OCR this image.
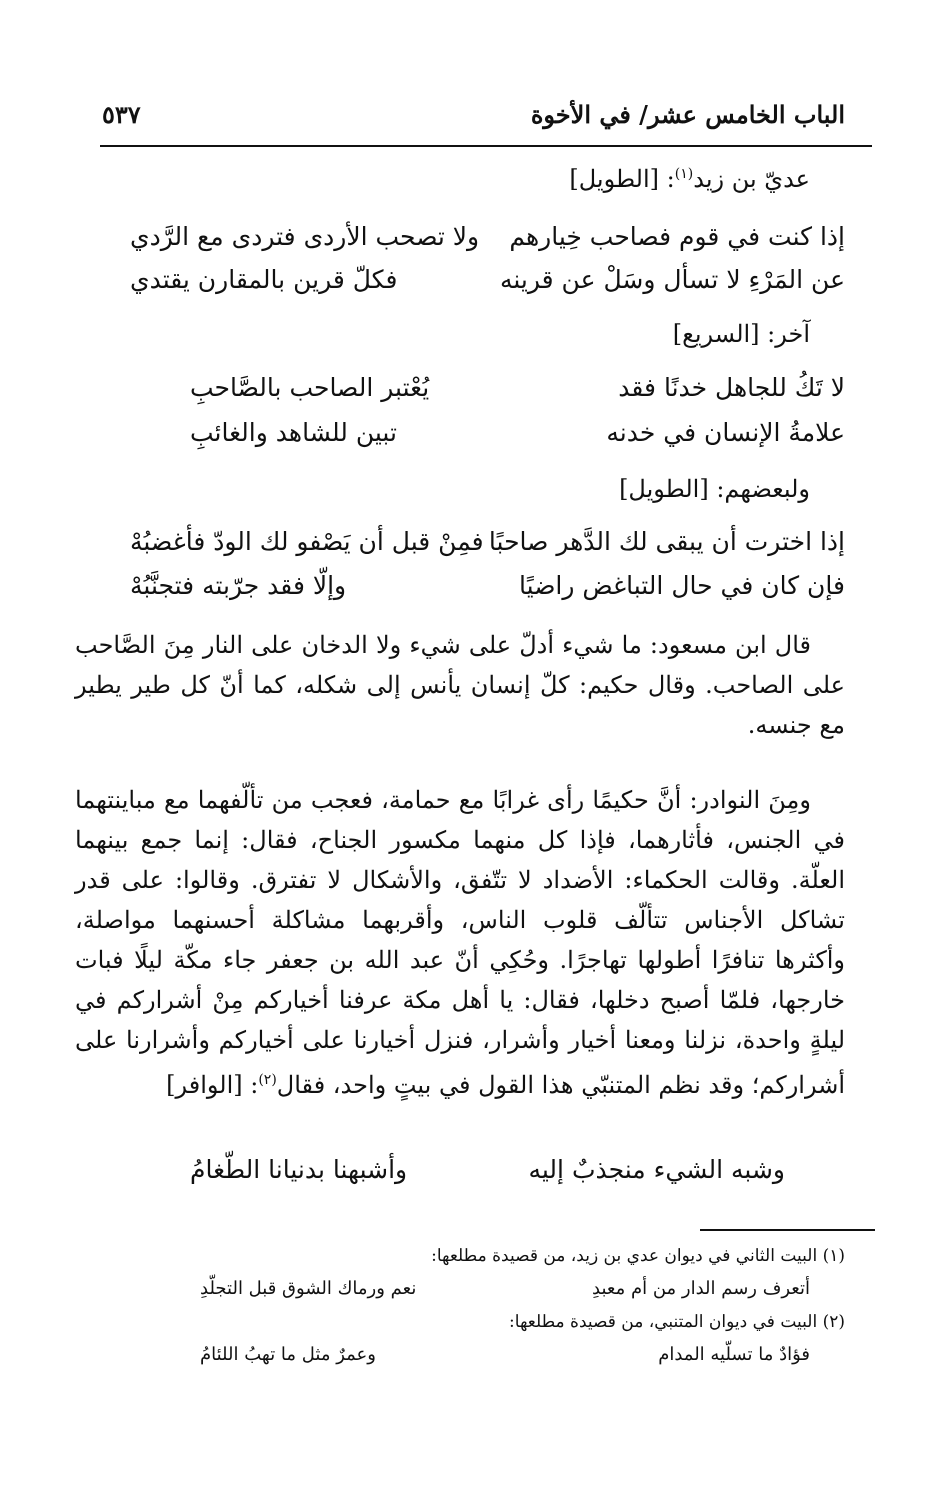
الباب الخامس عشر/ في الأخوة
٥٣٧
عديّ بن زيد$^{(١)}$: [الطويل]
إذا كنت في قوم فصاحب خِيارهم
ولا تصحب الأردى فتردى مع الرَّدي
عن المَرْءِ لا تسأل وسَلْ عن قرينه
فكلّ قرين بالمقارن يقتدي
آخر: [السريع]
لا تَكُ للجاهل خدنًا فقد
يُعْتبر الصاحب بالصَّاحبِ
علامةُ الإنسان في خدنه
تبين للشاهد والغائبِ
ولبعضهم: [الطويل]
إذا اخترت أن يبقى لك الدَّهر صاحبًا
فمِنْ قبل أن يَصْفو لك الودّ فأغضبُهْ
فإن كان في حال التباغض راضيًا
وإلّا فقد جرّبته فتجنَّبُهْ
قال ابن مسعود: ما شيء أدلّ على شيء ولا الدخان على النار مِنَ الصَّاحب على الصاحب. وقال حكيم: كلّ إنسان يأنس إلى شكله، كما أنّ كل طير يطير مع جنسه.
ومِنَ النوادر: أنَّ حكيمًا رأى غرابًا مع حمامة، فعجب من تألّفهما مع مباينتهما في الجنس، فأثارهما، فإذا كل منهما مكسور الجناح، فقال: إنما جمع بينهما العلّة. وقالت الحكماء: الأضداد لا تتّفق، والأشكال لا تفترق. وقالوا: على قدر تشاكل الأجناس تتألّف قلوب الناس، وأقربهما مشاكلة أحسنهما مواصلة، وأكثرها تنافرًا أطولها تهاجرًا. وحُكِي أنّ عبد الله بن جعفر جاء مكّة ليلًا فبات خارجها، فلمّا أصبح دخلها، فقال: يا أهل مكة عرفنا أخياركم مِنْ أشراركم في ليلةٍ واحدة، نزلنا ومعنا أخيار وأشرار، فنزل أخيارنا على أخياركم وأشرارنا على أشراركم؛ وقد نظم المتنبّي هذا القول في بيتٍ واحد، فقال$^{(٢)}$: [الوافر]
وشبه الشيء منجذبٌ إليه
وأشبهنا بدنيانا الطّغامُ
(١) البيت الثاني في ديوان عدي بن زيد، من قصيدة مطلعها:
أتعرف رسم الدار من أم معبدِ
نعم ورماك الشوق قبل التجلّدِ
(٢) البيت في ديوان المتنبي، من قصيدة مطلعها:
فؤادٌ ما تسلّيه المدام
وعمرٌ مثل ما تهبُ اللئامُ
